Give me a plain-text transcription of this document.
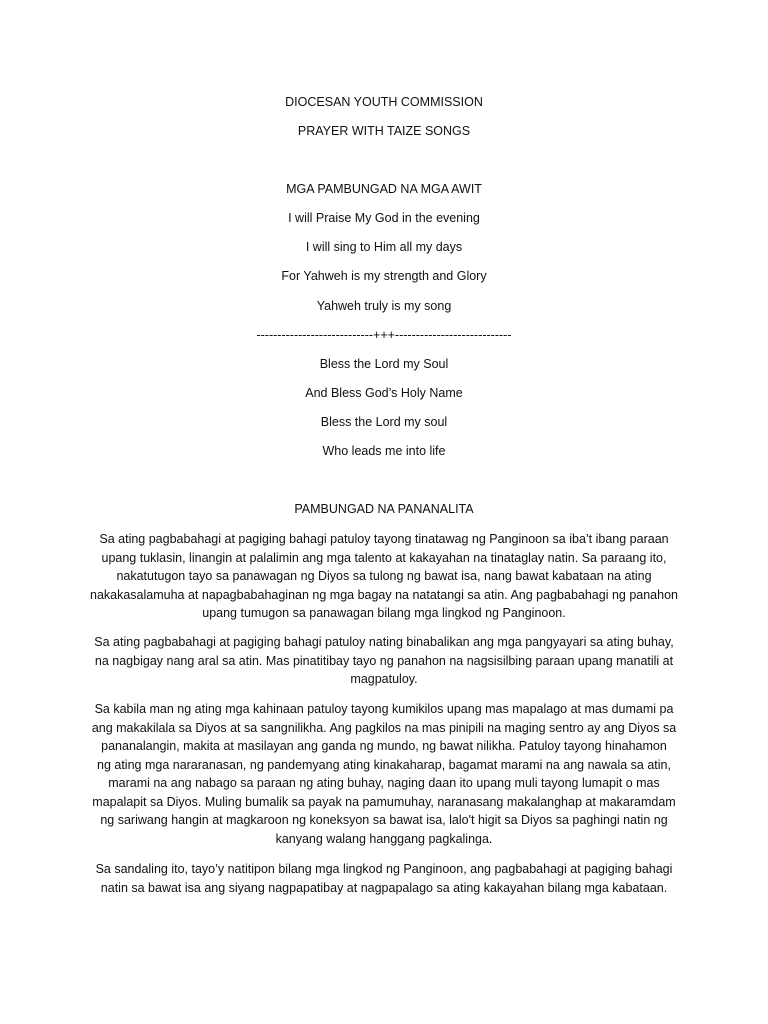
DIOCESAN YOUTH COMMISSION
PRAYER WITH TAIZE SONGS
MGA PAMBUNGAD NA MGA AWIT
I will Praise My God in the evening
I will sing to Him all my days
For Yahweh is my strength and Glory
Yahweh truly is my song
----------------------------+++----------------------------
Bless the Lord my Soul
And Bless God’s Holy Name
Bless the Lord my soul
Who leads me into life
PAMBUNGAD NA PANANALITA
Sa ating pagbabahagi at pagiging bahagi patuloy tayong tinatawag ng Panginoon sa iba’t ibang paraan
upang tuklasin, linangin at palalimin ang mga talento at kakayahan na tinataglay natin. Sa paraang ito,
nakatutugon tayo sa panawagan ng Diyos sa tulong ng bawat isa, nang bawat kabataan na ating
nakakasalamuha at napagbabahaginan ng mga bagay na natatangi sa atin. Ang pagbabahagi ng panahon
upang tumugon sa panawagan bilang mga lingkod ng Panginoon.
Sa ating pagbabahagi at pagiging bahagi patuloy nating binabalikan ang mga pangyayari sa ating buhay,
na nagbigay nang aral sa atin. Mas pinatitibay tayo ng panahon na nagsisilbing paraan upang manatili at
magpatuloy.
Sa kabila man ng ating mga kahinaan patuloy tayong kumikilos upang mas mapalago at mas dumami pa
ang makakilala sa Diyos at sa sangnilikha. Ang pagkilos na mas pinipili na maging sentro ay ang Diyos sa
pananalangin, makita at masilayan ang ganda ng mundo, ng bawat nilikha. Patuloy tayong hinahamon
ng ating mga nararanasan, ng pandemyang ating kinakaharap, bagamat marami na ang nawala sa atin,
marami na ang nabago sa paraan ng ating buhay, naging daan ito upang muli tayong lumapit o mas
mapalapit sa Diyos. Muling bumalik sa payak na pamumuhay, naranasang makalanghap at makaramdam
ng sariwang hangin at magkaroon ng koneksyon sa bawat isa, lalo't higit sa Diyos sa paghingi natin ng
kanyang walang hanggang pagkalinga.
Sa sandaling ito, tayo’y natitipon bilang mga lingkod ng Panginoon, ang pagbabahagi at pagiging bahagi
natin sa bawat isa ang siyang nagpapatibay at nagpapalago sa ating kakayahan bilang mga kabataan.
